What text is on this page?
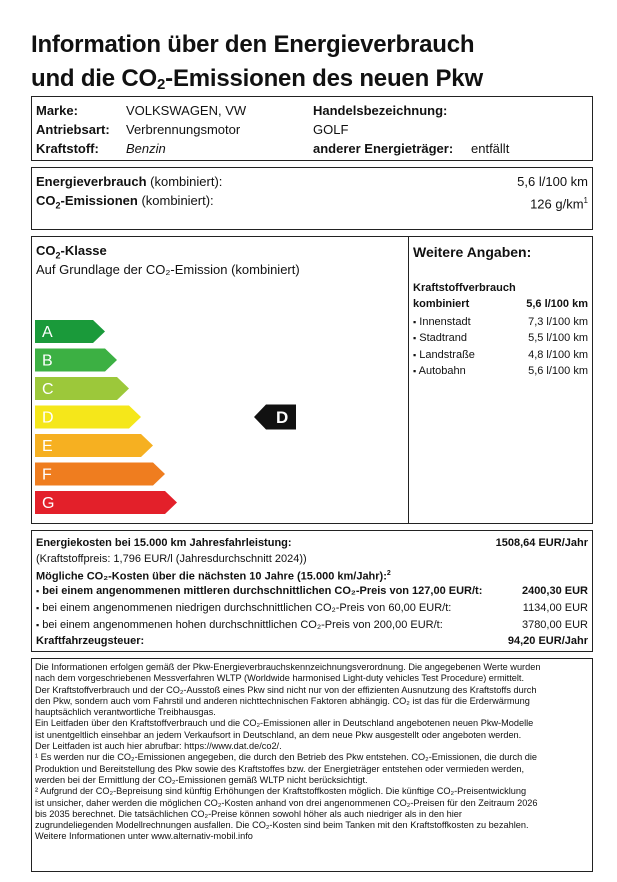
Information über den Energieverbrauch
und die $CO_2$-Emissionen des neuen Pkw
Marke:	VOLKSWAGEN, VW
Antriebsart: Verbrennungsmotor
Kraftstoff: Benzin
Handelsbezeichnung:
GOLF
anderer Energieträger: entfällt
Energieverbrauch (kombiniert):	5,6 l/100 km
$CO_2$-Emissionen (kombiniert):	126 $g/km^1$
$CO_2$-Klasse
Auf Grundlage der CO₂-Emission (kombiniert)
A
B
C
D
E
F
G
D
Weitere Angaben:
Kraftstoffverbrauch
kombiniert	5,6 l/100 km
▪ Innenstadt	7,3 l/100 km
▪ Stadtrand	5,5 l/100 km
▪ Landstraße	4,8 l/100 km
▪ Autobahn	5,6 l/100 km
Energiekosten bei 15.000 km Jahresfahrleistung:	1508,64 EUR/Jahr
(Kraftstoffpreis: 1,796 EUR/l (Jahresdurchschnitt 2024))
Mögliche CO₂-Kosten über die nächsten 10 Jahre (15.000 km/Jahr):$^2$
▪ bei einem angenommenen mittleren durchschnittlichen CO₂-Preis von 127,00 EUR/t:	2400,30 EUR
▪ bei einem angenommenen niedrigen durchschnittlichen CO₂-Preis von 60,00 EUR/t:	1134,00 EUR
▪ bei einem angenommenen hohen durchschnittlichen CO₂-Preis von 200,00 EUR/t:	3780,00 EUR
Kraftfahrzeugsteuer:	94,20 EUR/Jahr
Die Informationen erfolgen gemäß der Pkw-Energieverbrauchskennzeichnungsverordnung. Die angegebenen Werte wurden
nach dem vorgeschriebenen Messverfahren WLTP (Worldwide harmonised Light-duty vehicles Test Procedure) ermittelt.
Der Kraftstoffverbrauch und der CO₂-Ausstoß eines Pkw sind nicht nur von der effizienten Ausnutzung des Kraftstoffs durch
den Pkw, sondern auch vom Fahrstil und anderen nichttechnischen Faktoren abhängig. CO₂ ist das für die Erderwärmung
hauptsächlich verantwortliche Treibhausgas.
Ein Leitfaden über den Kraftstoffverbrauch und die CO₂-Emissionen aller in Deutschland angebotenen neuen Pkw-Modelle
ist unentgeltlich einsehbar an jedem Verkaufsort in Deutschland, an dem neue Pkw ausgestellt oder angeboten werden.
Der Leitfaden ist auch hier abrufbar: https://www.dat.de/co2/.
¹ Es werden nur die CO₂-Emissionen angegeben, die durch den Betrieb des Pkw entstehen. CO₂-Emissionen, die durch die
Produktion und Bereitstellung des Pkw sowie des Kraftstoffes bzw. der Energieträger entstehen oder vermieden werden,
werden bei der Ermittlung der CO₂-Emissionen gemäß WLTP nicht berücksichtigt.
² Aufgrund der CO₂-Bepreisung sind künftig Erhöhungen der Kraftstoffkosten möglich. Die künftige CO₂-Preisentwicklung
ist unsicher, daher werden die möglichen CO₂-Kosten anhand von drei angenommenen CO₂-Preisen für den Zeitraum 2026
bis 2035 berechnet. Die tatsächlichen CO₂-Preise können sowohl höher als auch niedriger als in den hier
zugrundeliegenden Modellrechnungen ausfallen. Die CO₂-Kosten sind beim Tanken mit den Kraftstoffkosten zu bezahlen.
Weitere Informationen unter www.alternativ-mobil.info
